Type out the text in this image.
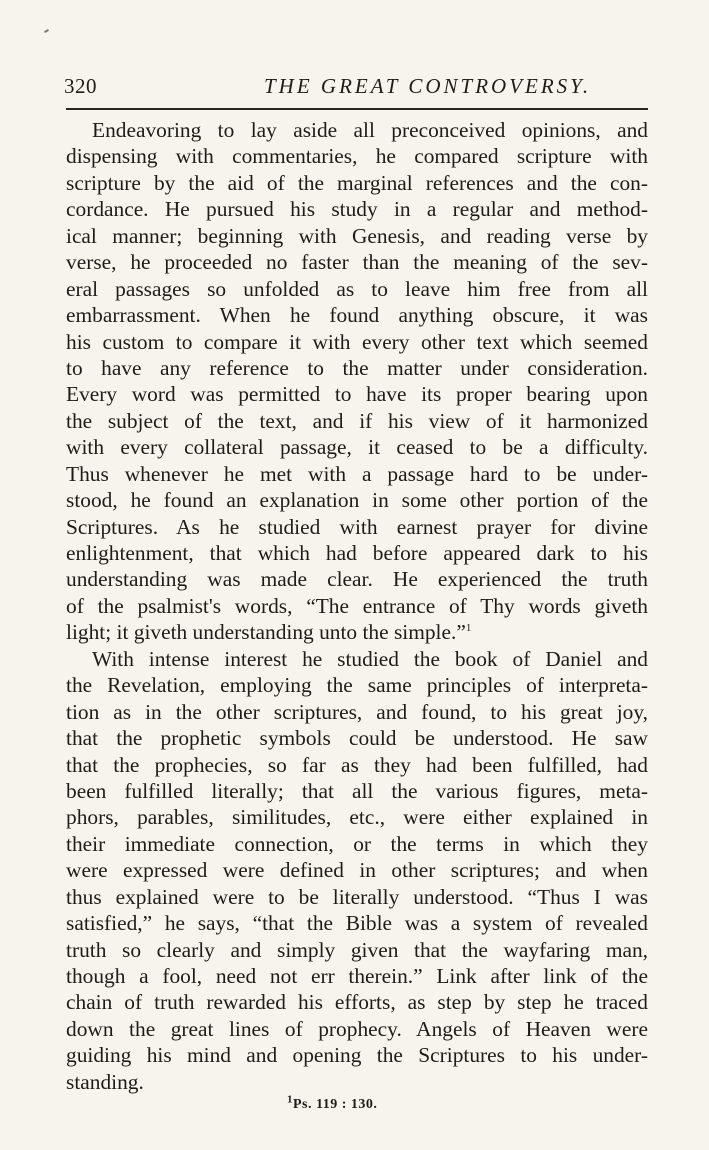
320	THE GREAT CONTROVERSY.
Endeavoring to lay aside all preconceived opinions, and
dispensing with commentaries, he compared scripture with
scripture by the aid of the marginal references and the con-
cordance. He pursued his study in a regular and method-
ical manner; beginning with Genesis, and reading verse by
verse, he proceeded no faster than the meaning of the sev-
eral passages so unfolded as to leave him free from all
embarrassment. When he found anything obscure, it was
his custom to compare it with every other text which seemed
to have any reference to the matter under consideration.
Every word was permitted to have its proper bearing upon
the subject of the text, and if his view of it harmonized
with every collateral passage, it ceased to be a difficulty.
Thus whenever he met with a passage hard to be under-
stood, he found an explanation in some other portion of the
Scriptures. As he studied with earnest prayer for divine
enlightenment, that which had before appeared dark to his
understanding was made clear. He experienced the truth
of the psalmist's words, “The entrance of Thy words giveth
light; it giveth understanding unto the simple.”$^1$
With intense interest he studied the book of Daniel and
the Revelation, employing the same principles of interpreta-
tion as in the other scriptures, and found, to his great joy,
that the prophetic symbols could be understood. He saw
that the prophecies, so far as they had been fulfilled, had
been fulfilled literally; that all the various figures, meta-
phors, parables, similitudes, etc., were either explained in
their immediate connection, or the terms in which they
were expressed were defined in other scriptures; and when
thus explained were to be literally understood. “Thus I was
satisfied,” he says, “that the Bible was a system of revealed
truth so clearly and simply given that the wayfaring man,
though a fool, need not err therein.” Link after link of the
chain of truth rewarded his efforts, as step by step he traced
down the great lines of prophecy. Angels of Heaven were
guiding his mind and opening the Scriptures to his under-
standing.
$^1$Ps. 119 : 130.
